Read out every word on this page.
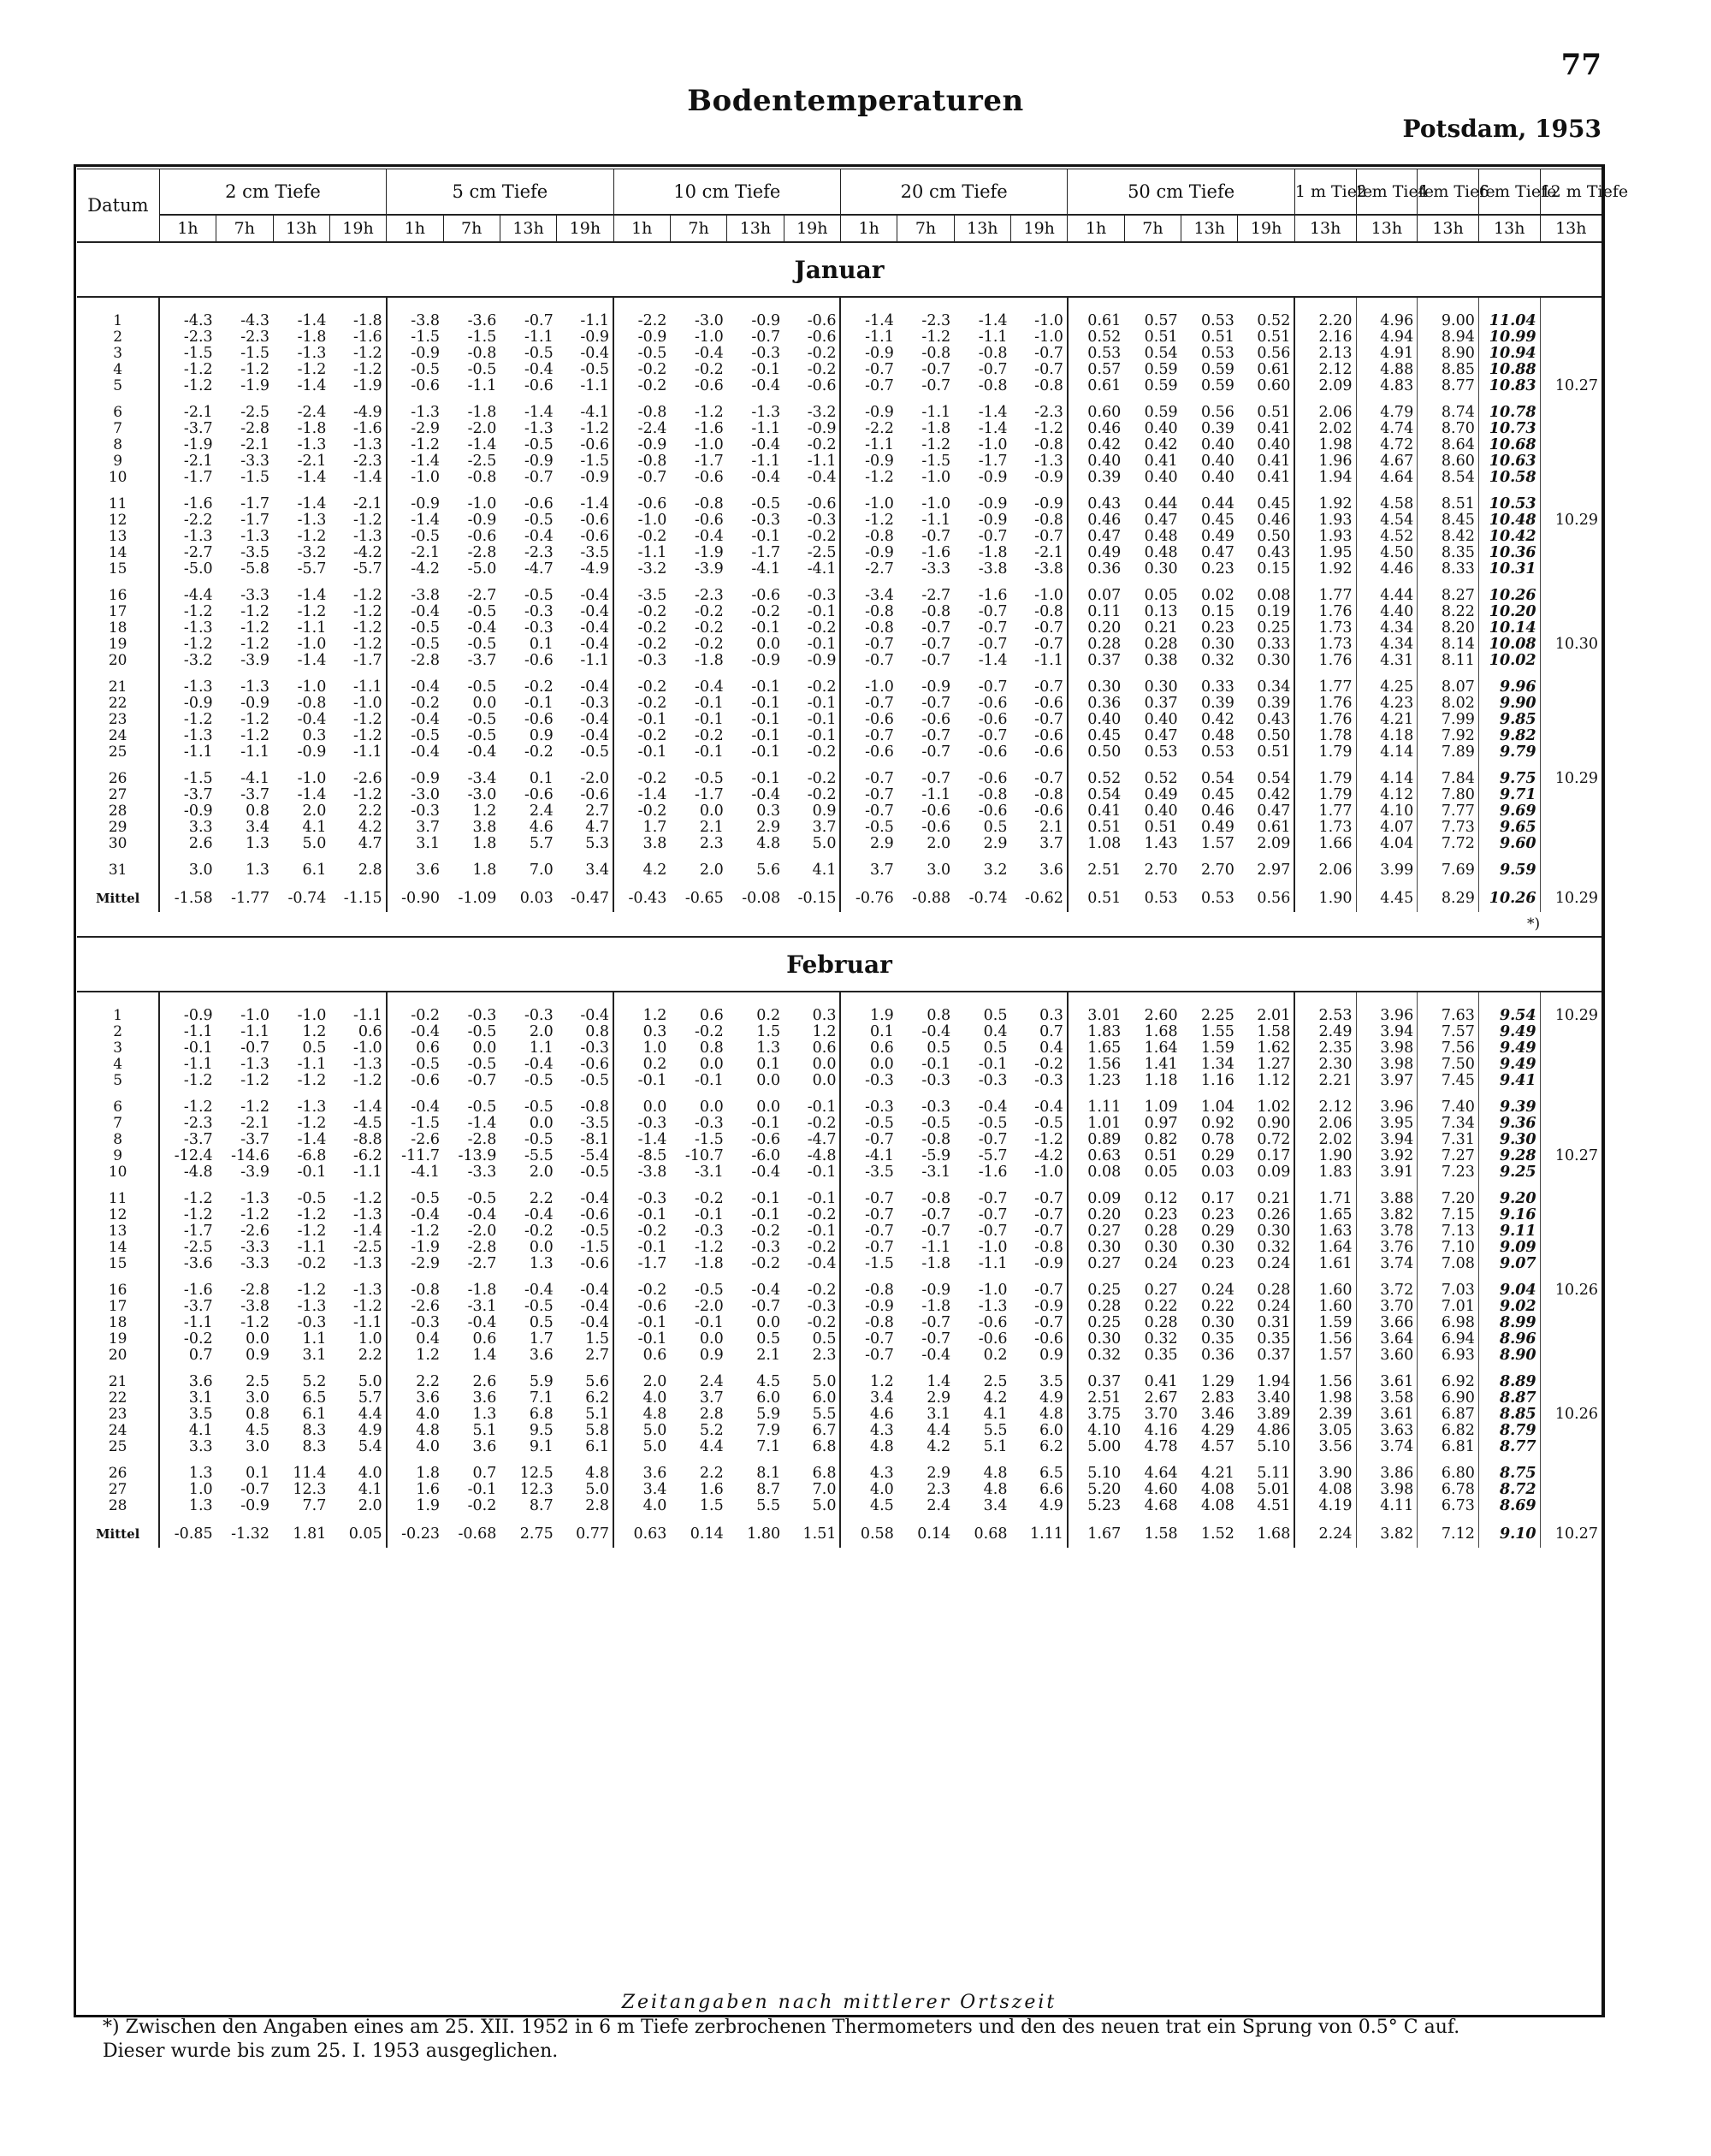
77
Bodentemperaturen
Potsdam, 1953
Datum	2 cm Tiefe				5 cm Tiefe				10 cm Tiefe				20 cm Tiefe				50 cm Tiefe				1 m Tiefe	2 m Tiefe	4 m Tiefe	6 m Tiefe	12 m Tiefe
	1h	7h	13h	19h	1h	7h	13h	19h	1h	7h	13h	19h	1h	7h	13h	19h	1h	7h	13h	19h	13h	13h	13h	13h	13h
Januar																									
1	-4.3	-4.3	-1.4	-1.8	-3.8	-3.6	-0.7	-1.1	-2.2	-3.0	-0.9	-0.6	-1.4	-2.3	-1.4	-1.0	0.61	0.57	0.53	0.52	2.20	4.96	9.00	11.04	
2	-2.3	-2.3	-1.8	-1.6	-1.5	-1.5	-1.1	-0.9	-0.9	-1.0	-0.7	-0.6	-1.1	-1.2	-1.1	-1.0	0.52	0.51	0.51	0.51	2.16	4.94	8.94	10.99	
3	-1.5	-1.5	-1.3	-1.2	-0.9	-0.8	-0.5	-0.4	-0.5	-0.4	-0.3	-0.2	-0.9	-0.8	-0.8	-0.7	0.53	0.54	0.53	0.56	2.13	4.91	8.90	10.94	
4	-1.2	-1.2	-1.2	-1.2	-0.5	-0.5	-0.4	-0.5	-0.2	-0.2	-0.1	-0.2	-0.7	-0.7	-0.7	-0.7	0.57	0.59	0.59	0.61	2.12	4.88	8.85	10.88	
5	-1.2	-1.9	-1.4	-1.9	-0.6	-1.1	-0.6	-1.1	-0.2	-0.6	-0.4	-0.6	-0.7	-0.7	-0.8	-0.8	0.61	0.59	0.59	0.60	2.09	4.83	8.77	10.83	10.27
6	-2.1	-2.5	-2.4	-4.9	-1.3	-1.8	-1.4	-4.1	-0.8	-1.2	-1.3	-3.2	-0.9	-1.1	-1.4	-2.3	0.60	0.59	0.56	0.51	2.06	4.79	8.74	10.78	
7	-3.7	-2.8	-1.8	-1.6	-2.9	-2.0	-1.3	-1.2	-2.4	-1.6	-1.1	-0.9	-2.2	-1.8	-1.4	-1.2	0.46	0.40	0.39	0.41	2.02	4.74	8.70	10.73	
8	-1.9	-2.1	-1.3	-1.3	-1.2	-1.4	-0.5	-0.6	-0.9	-1.0	-0.4	-0.2	-1.1	-1.2	-1.0	-0.8	0.42	0.42	0.40	0.40	1.98	4.72	8.64	10.68	
9	-2.1	-3.3	-2.1	-2.3	-1.4	-2.5	-0.9	-1.5	-0.8	-1.7	-1.1	-1.1	-0.9	-1.5	-1.7	-1.3	0.40	0.41	0.40	0.41	1.96	4.67	8.60	10.63	
10	-1.7	-1.5	-1.4	-1.4	-1.0	-0.8	-0.7	-0.9	-0.7	-0.6	-0.4	-0.4	-1.2	-1.0	-0.9	-0.9	0.39	0.40	0.40	0.41	1.94	4.64	8.54	10.58	
11	-1.6	-1.7	-1.4	-2.1	-0.9	-1.0	-0.6	-1.4	-0.6	-0.8	-0.5	-0.6	-1.0	-1.0	-0.9	-0.9	0.43	0.44	0.44	0.45	1.92	4.58	8.51	10.53	
12	-2.2	-1.7	-1.3	-1.2	-1.4	-0.9	-0.5	-0.6	-1.0	-0.6	-0.3	-0.3	-1.2	-1.1	-0.9	-0.8	0.46	0.47	0.45	0.46	1.93	4.54	8.45	10.48	10.29
13	-1.3	-1.3	-1.2	-1.3	-0.5	-0.6	-0.4	-0.6	-0.2	-0.4	-0.1	-0.2	-0.8	-0.7	-0.7	-0.7	0.47	0.48	0.49	0.50	1.93	4.52	8.42	10.42	
14	-2.7	-3.5	-3.2	-4.2	-2.1	-2.8	-2.3	-3.5	-1.1	-1.9	-1.7	-2.5	-0.9	-1.6	-1.8	-2.1	0.49	0.48	0.47	0.43	1.95	4.50	8.35	10.36	
15	-5.0	-5.8	-5.7	-5.7	-4.2	-5.0	-4.7	-4.9	-3.2	-3.9	-4.1	-4.1	-2.7	-3.3	-3.8	-3.8	0.36	0.30	0.23	0.15	1.92	4.46	8.33	10.31	
16	-4.4	-3.3	-1.4	-1.2	-3.8	-2.7	-0.5	-0.4	-3.5	-2.3	-0.6	-0.3	-3.4	-2.7	-1.6	-1.0	0.07	0.05	0.02	0.08	1.77	4.44	8.27	10.26	
17	-1.2	-1.2	-1.2	-1.2	-0.4	-0.5	-0.3	-0.4	-0.2	-0.2	-0.2	-0.1	-0.8	-0.8	-0.7	-0.8	0.11	0.13	0.15	0.19	1.76	4.40	8.22	10.20	
18	-1.3	-1.2	-1.1	-1.2	-0.5	-0.4	-0.3	-0.4	-0.2	-0.2	-0.1	-0.2	-0.8	-0.7	-0.7	-0.7	0.20	0.21	0.23	0.25	1.73	4.34	8.20	10.14	
19	-1.2	-1.2	-1.0	-1.2	-0.5	-0.5	0.1	-0.4	-0.2	-0.2	0.0	-0.1	-0.7	-0.7	-0.7	-0.7	0.28	0.28	0.30	0.33	1.73	4.34	8.14	10.08	10.30
20	-3.2	-3.9	-1.4	-1.7	-2.8	-3.7	-0.6	-1.1	-0.3	-1.8	-0.9	-0.9	-0.7	-0.7	-1.4	-1.1	0.37	0.38	0.32	0.30	1.76	4.31	8.11	10.02	
21	-1.3	-1.3	-1.0	-1.1	-0.4	-0.5	-0.2	-0.4	-0.2	-0.4	-0.1	-0.2	-1.0	-0.9	-0.7	-0.7	0.30	0.30	0.33	0.34	1.77	4.25	8.07	9.96	
22	-0.9	-0.9	-0.8	-1.0	-0.2	0.0	-0.1	-0.3	-0.2	-0.1	-0.1	-0.1	-0.7	-0.7	-0.6	-0.6	0.36	0.37	0.39	0.39	1.76	4.23	8.02	9.90	
23	-1.2	-1.2	-0.4	-1.2	-0.4	-0.5	-0.6	-0.4	-0.1	-0.1	-0.1	-0.1	-0.6	-0.6	-0.6	-0.7	0.40	0.40	0.42	0.43	1.76	4.21	7.99	9.85	
24	-1.3	-1.2	0.3	-1.2	-0.5	-0.5	0.9	-0.4	-0.2	-0.2	-0.1	-0.1	-0.7	-0.7	-0.7	-0.6	0.45	0.47	0.48	0.50	1.78	4.18	7.92	9.82	
25	-1.1	-1.1	-0.9	-1.1	-0.4	-0.4	-0.2	-0.5	-0.1	-0.1	-0.1	-0.2	-0.6	-0.7	-0.6	-0.6	0.50	0.53	0.53	0.51	1.79	4.14	7.89	9.79	
26	-1.5	-4.1	-1.0	-2.6	-0.9	-3.4	0.1	-2.0	-0.2	-0.5	-0.1	-0.2	-0.7	-0.7	-0.6	-0.7	0.52	0.52	0.54	0.54	1.79	4.14	7.84	9.75	10.29
27	-3.7	-3.7	-1.4	-1.2	-3.0	-3.0	-0.6	-0.6	-1.4	-1.7	-0.4	-0.2	-0.7	-1.1	-0.8	-0.8	0.54	0.49	0.45	0.42	1.79	4.12	7.80	9.71	
28	-0.9	0.8	2.0	2.2	-0.3	1.2	2.4	2.7	-0.2	0.0	0.3	0.9	-0.7	-0.6	-0.6	-0.6	0.41	0.40	0.46	0.47	1.77	4.10	7.77	9.69	
29	3.3	3.4	4.1	4.2	3.7	3.8	4.6	4.7	1.7	2.1	2.9	3.7	-0.5	-0.6	0.5	2.1	0.51	0.51	0.49	0.61	1.73	4.07	7.73	9.65	
30	2.6	1.3	5.0	4.7	3.1	1.8	5.7	5.3	3.8	2.3	4.8	5.0	2.9	2.0	2.9	3.7	1.08	1.43	1.57	2.09	1.66	4.04	7.72	9.60	
31	3.0	1.3	6.1	2.8	3.6	1.8	7.0	3.4	4.2	2.0	5.6	4.1	3.7	3.0	3.2	3.6	2.51	2.70	2.70	2.97	2.06	3.99	7.69	9.59	
Mittel	-1.58	-1.77	-0.74	-1.15	-0.90	-1.09	0.03	-0.47	-0.43	-0.65	-0.08	-0.15	-0.76	-0.88	-0.74	-0.62	0.51	0.53	0.53	0.56	1.90	4.45	8.29	10.26	10.29
*)																									
Februar																									
1	-0.9	-1.0	-1.0	-1.1	-0.2	-0.3	-0.3	-0.4	1.2	0.6	0.2	0.3	1.9	0.8	0.5	0.3	3.01	2.60	2.25	2.01	2.53	3.96	7.63	9.54	10.29
2	-1.1	-1.1	1.2	0.6	-0.4	-0.5	2.0	0.8	0.3	-0.2	1.5	1.2	0.1	-0.4	0.4	0.7	1.83	1.68	1.55	1.58	2.49	3.94	7.57	9.49	
3	-0.1	-0.7	0.5	-1.0	0.6	0.0	1.1	-0.3	1.0	0.8	1.3	0.6	0.6	0.5	0.5	0.4	1.65	1.64	1.59	1.62	2.35	3.98	7.56	9.49	
4	-1.1	-1.3	-1.1	-1.3	-0.5	-0.5	-0.4	-0.6	0.2	0.0	0.1	0.0	0.0	-0.1	-0.1	-0.2	1.56	1.41	1.34	1.27	2.30	3.98	7.50	9.49	
5	-1.2	-1.2	-1.2	-1.2	-0.6	-0.7	-0.5	-0.5	-0.1	-0.1	0.0	0.0	-0.3	-0.3	-0.3	-0.3	1.23	1.18	1.16	1.12	2.21	3.97	7.45	9.41	
6	-1.2	-1.2	-1.3	-1.4	-0.4	-0.5	-0.5	-0.8	0.0	0.0	0.0	-0.1	-0.3	-0.3	-0.4	-0.4	1.11	1.09	1.04	1.02	2.12	3.96	7.40	9.39	
7	-2.3	-2.1	-1.2	-4.5	-1.5	-1.4	0.0	-3.5	-0.3	-0.3	-0.1	-0.2	-0.5	-0.5	-0.5	-0.5	1.01	0.97	0.92	0.90	2.06	3.95	7.34	9.36	
8	-3.7	-3.7	-1.4	-8.8	-2.6	-2.8	-0.5	-8.1	-1.4	-1.5	-0.6	-4.7	-0.7	-0.8	-0.7	-1.2	0.89	0.82	0.78	0.72	2.02	3.94	7.31	9.30	
9	-12.4	-14.6	-6.8	-6.2	-11.7	-13.9	-5.5	-5.4	-8.5	-10.7	-6.0	-4.8	-4.1	-5.9	-5.7	-4.2	0.63	0.51	0.29	0.17	1.90	3.92	7.27	9.28	10.27
10	-4.8	-3.9	-0.1	-1.1	-4.1	-3.3	2.0	-0.5	-3.8	-3.1	-0.4	-0.1	-3.5	-3.1	-1.6	-1.0	0.08	0.05	0.03	0.09	1.83	3.91	7.23	9.25	
11	-1.2	-1.3	-0.5	-1.2	-0.5	-0.5	2.2	-0.4	-0.3	-0.2	-0.1	-0.1	-0.7	-0.8	-0.7	-0.7	0.09	0.12	0.17	0.21	1.71	3.88	7.20	9.20	
12	-1.2	-1.2	-1.2	-1.3	-0.4	-0.4	-0.4	-0.6	-0.1	-0.1	-0.1	-0.2	-0.7	-0.7	-0.7	-0.7	0.20	0.23	0.23	0.26	1.65	3.82	7.15	9.16	
13	-1.7	-2.6	-1.2	-1.4	-1.2	-2.0	-0.2	-0.5	-0.2	-0.3	-0.2	-0.1	-0.7	-0.7	-0.7	-0.7	0.27	0.28	0.29	0.30	1.63	3.78	7.13	9.11	
14	-2.5	-3.3	-1.1	-2.5	-1.9	-2.8	0.0	-1.5	-0.1	-1.2	-0.3	-0.2	-0.7	-1.1	-1.0	-0.8	0.30	0.30	0.30	0.32	1.64	3.76	7.10	9.09	
15	-3.6	-3.3	-0.2	-1.3	-2.9	-2.7	1.3	-0.6	-1.7	-1.8	-0.2	-0.4	-1.5	-1.8	-1.1	-0.9	0.27	0.24	0.23	0.24	1.61	3.74	7.08	9.07	
16	-1.6	-2.8	-1.2	-1.3	-0.8	-1.8	-0.4	-0.4	-0.2	-0.5	-0.4	-0.2	-0.8	-0.9	-1.0	-0.7	0.25	0.27	0.24	0.28	1.60	3.72	7.03	9.04	10.26
17	-3.7	-3.8	-1.3	-1.2	-2.6	-3.1	-0.5	-0.4	-0.6	-2.0	-0.7	-0.3	-0.9	-1.8	-1.3	-0.9	0.28	0.22	0.22	0.24	1.60	3.70	7.01	9.02	
18	-1.1	-1.2	-0.3	-1.1	-0.3	-0.4	0.5	-0.4	-0.1	-0.1	0.0	-0.2	-0.8	-0.7	-0.6	-0.7	0.25	0.28	0.30	0.31	1.59	3.66	6.98	8.99	
19	-0.2	0.0	1.1	1.0	0.4	0.6	1.7	1.5	-0.1	0.0	0.5	0.5	-0.7	-0.7	-0.6	-0.6	0.30	0.32	0.35	0.35	1.56	3.64	6.94	8.96	
20	0.7	0.9	3.1	2.2	1.2	1.4	3.6	2.7	0.6	0.9	2.1	2.3	-0.7	-0.4	0.2	0.9	0.32	0.35	0.36	0.37	1.57	3.60	6.93	8.90	
21	3.6	2.5	5.2	5.0	2.2	2.6	5.9	5.6	2.0	2.4	4.5	5.0	1.2	1.4	2.5	3.5	0.37	0.41	1.29	1.94	1.56	3.61	6.92	8.89	
22	3.1	3.0	6.5	5.7	3.6	3.6	7.1	6.2	4.0	3.7	6.0	6.0	3.4	2.9	4.2	4.9	2.51	2.67	2.83	3.40	1.98	3.58	6.90	8.87	
23	3.5	0.8	6.1	4.4	4.0	1.3	6.8	5.1	4.8	2.8	5.9	5.5	4.6	3.1	4.1	4.8	3.75	3.70	3.46	3.89	2.39	3.61	6.87	8.85	10.26
24	4.1	4.5	8.3	4.9	4.8	5.1	9.5	5.8	5.0	5.2	7.9	6.7	4.3	4.4	5.5	6.0	4.10	4.16	4.29	4.86	3.05	3.63	6.82	8.79	
25	3.3	3.0	8.3	5.4	4.0	3.6	9.1	6.1	5.0	4.4	7.1	6.8	4.8	4.2	5.1	6.2	5.00	4.78	4.57	5.10	3.56	3.74	6.81	8.77	
26	1.3	0.1	11.4	4.0	1.8	0.7	12.5	4.8	3.6	2.2	8.1	6.8	4.3	2.9	4.8	6.5	5.10	4.64	4.21	5.11	3.90	3.86	6.80	8.75	
27	1.0	-0.7	12.3	4.1	1.6	-0.1	12.3	5.0	3.4	1.6	8.7	7.0	4.0	2.3	4.8	6.6	5.20	4.60	4.08	5.01	4.08	3.98	6.78	8.72	
28	1.3	-0.9	7.7	2.0	1.9	-0.2	8.7	2.8	4.0	1.5	5.5	5.0	4.5	2.4	3.4	4.9	5.23	4.68	4.08	4.51	4.19	4.11	6.73	8.69	
Mittel	-0.85	-1.32	1.81	0.05	-0.23	-0.68	2.75	0.77	0.63	0.14	1.80	1.51	0.58	0.14	0.68	1.11	1.67	1.58	1.52	1.68	2.24	3.82	7.12	9.10	10.27

Zeitangaben nach mittlerer Ortszeit
*) Zwischen den Angaben eines am 25. XII. 1952 in 6 m Tiefe zerbrochenen Thermometers und den des neuen trat ein Sprung von 0.5° C auf.
Dieser wurde bis zum 25. I. 1953 ausgeglichen.
